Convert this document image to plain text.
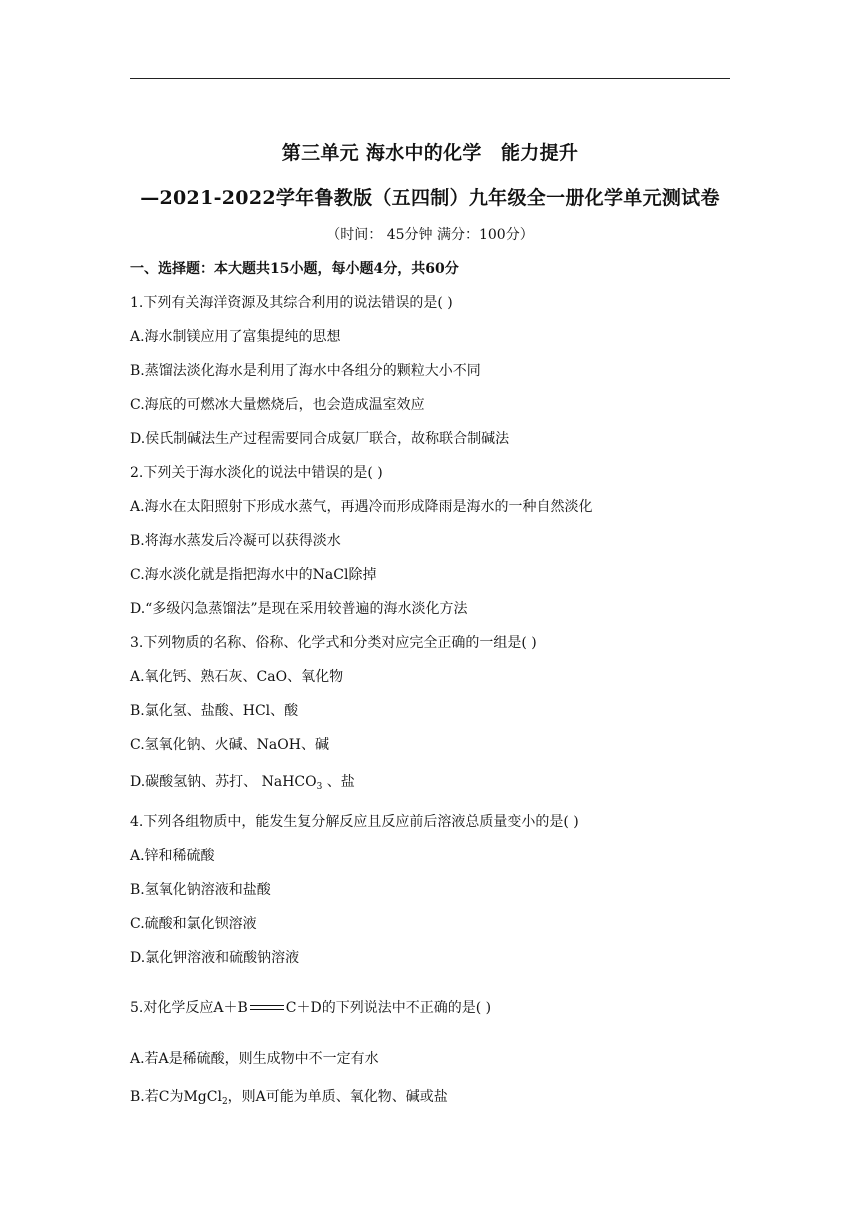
第三单元 海水中的化学　能力提升
—2021-2022学年鲁教版（五四制）九年级全一册化学单元测试卷
（时间： 45分钟 满分：100分）
一、选择题：本大题共15小题，每小题4分，共60分
1.下列有关海洋资源及其综合利用的说法错误的是( )
A.海水制镁应用了富集提纯的思想
B.蒸馏法淡化海水是利用了海水中各组分的颗粒大小不同
C.海底的可燃冰大量燃烧后，也会造成温室效应
D.侯氏制碱法生产过程需要同合成氨厂联合，故称联合制碱法
2.下列关于海水淡化的说法中错误的是( )
A.海水在太阳照射下形成水蒸气，再遇冷而形成降雨是海水的一种自然淡化
B.将海水蒸发后冷凝可以获得淡水
C.海水淡化就是指把海水中的NaCl除掉
D.“多级闪急蒸馏法”是现在采用较普遍的海水淡化方法
3.下列物质的名称、俗称、化学式和分类对应完全正确的一组是( )
A.氧化钙、熟石灰、CaO、氧化物
B.氯化氢、盐酸、HCl、酸
C.氢氧化钠、火碱、NaOH、碱
D.碳酸氢钠、苏打、 NaHCO$_3$ 、盐
4.下列各组物质中，能发生复分解反应且反应前后溶液总质量变小的是( )
A.锌和稀硫酸
B.氢氧化钠溶液和盐酸
C.硫酸和氯化钡溶液
D.氯化钾溶液和硫酸钠溶液
5.对化学反应A＋B	C＋D的下列说法中不正确的是( )
A.若A是稀硫酸，则生成物中不一定有水
B.若C为MgCl$_2$，则A可能为单质、氧化物、碱或盐
